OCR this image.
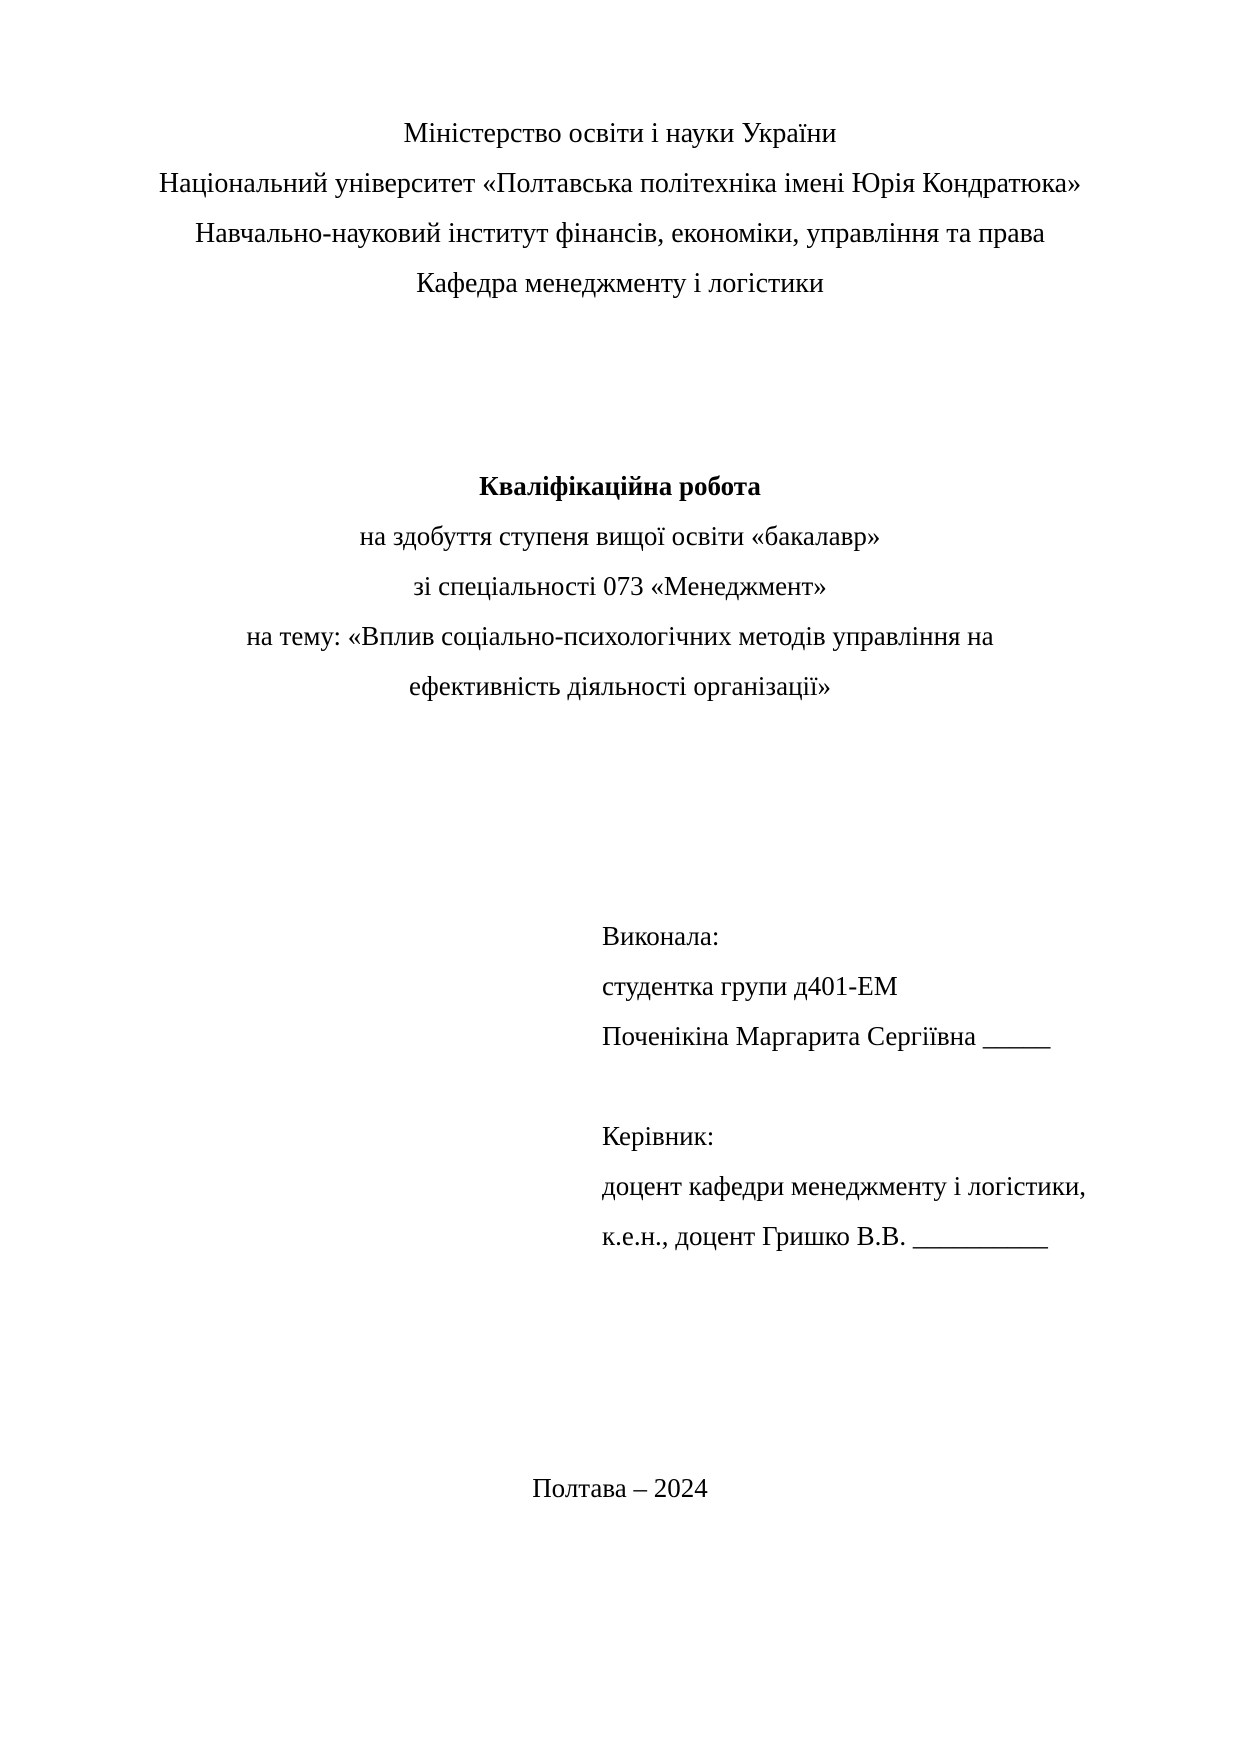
Міністерство освіти і науки України
Національний університет «Полтавська політехніка імені Юрія Кондратюка»
Навчально-науковий інститут фінансів, економіки, управління та права
Кафедра менеджменту і логістики
Кваліфікаційна робота
на здобуття ступеня вищої освіти «бакалавр»
зі спеціальності 073 «Менеджмент»
на тему: «Вплив соціально-психологічних методів управління на
ефективність діяльності організації»
Виконала:
студентка групи д401-ЕМ
Поченікіна Маргарита Сергіївна _____
Керівник:
доцент кафедри менеджменту і логістики,
к.е.н., доцент Гришко В.В. __________
Полтава – 2024
